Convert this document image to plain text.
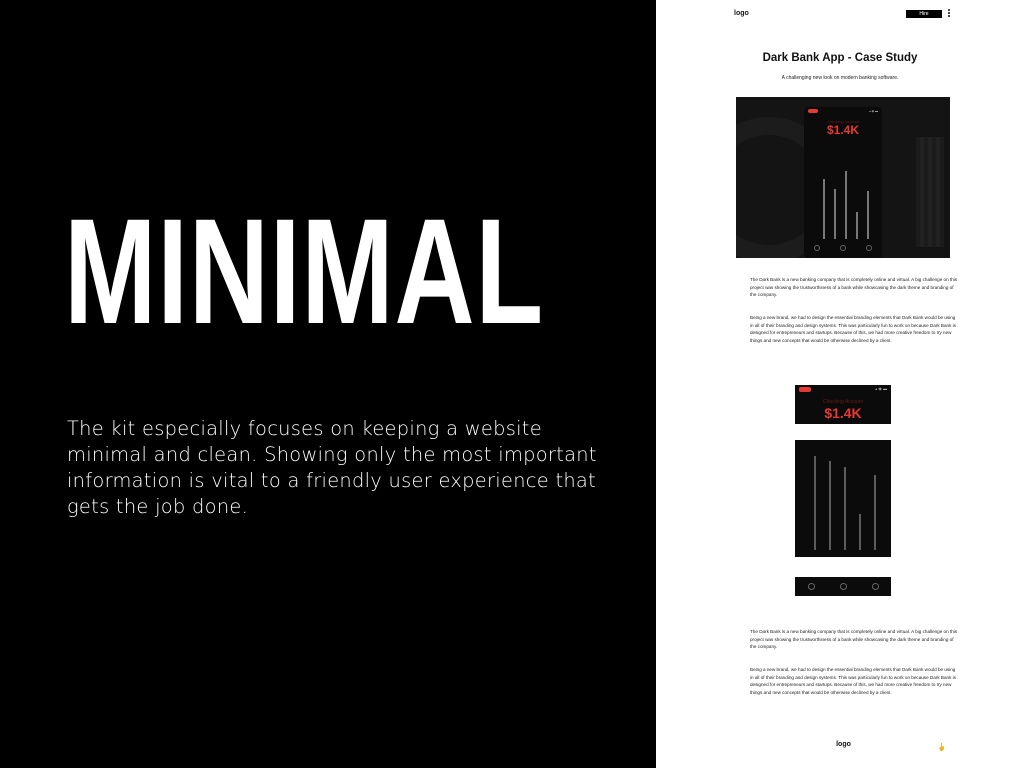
MINIMAL

The kit especially focuses on keeping a website minimal and clean. Showing only the most important information is vital to a friendly user experience that gets the job done.

logo	Hire
Dark Bank App - Case Study

A challenging new look on modern banking software.

▴ ◉ ▬
Checking Account
$1.4K

The Dark Bank is a new banking company that is completely online and virtual. A big challenge on this project was showing the trustworthiness of a bank while showcasing the dark theme and branding of the company.

Being a new brand, we had to design the essential branding elements that Dark Bank would be using in all of their branding and design systems. This was particularly fun to work on because Dark Bank is designed for entrepreneurs and startups. Because of this, we had more creative freedom to try new things and new concepts that would be otherwise declined by a client.

▴ ◉ ▬
Checking Account
$1.4K

The Dark Bank is a new banking company that is completely online and virtual. A big challenge on this project was showing the trustworthiness of a bank while showcasing the dark theme and branding of the company.

Being a new brand, we had to design the essential branding elements that Dark Bank would be using in all of their branding and design systems. This was particularly fun to work on because Dark Bank is designed for entrepreneurs and startups. Because of this, we had more creative freedom to try new things and new concepts that would be otherwise declined by a client.

logo
